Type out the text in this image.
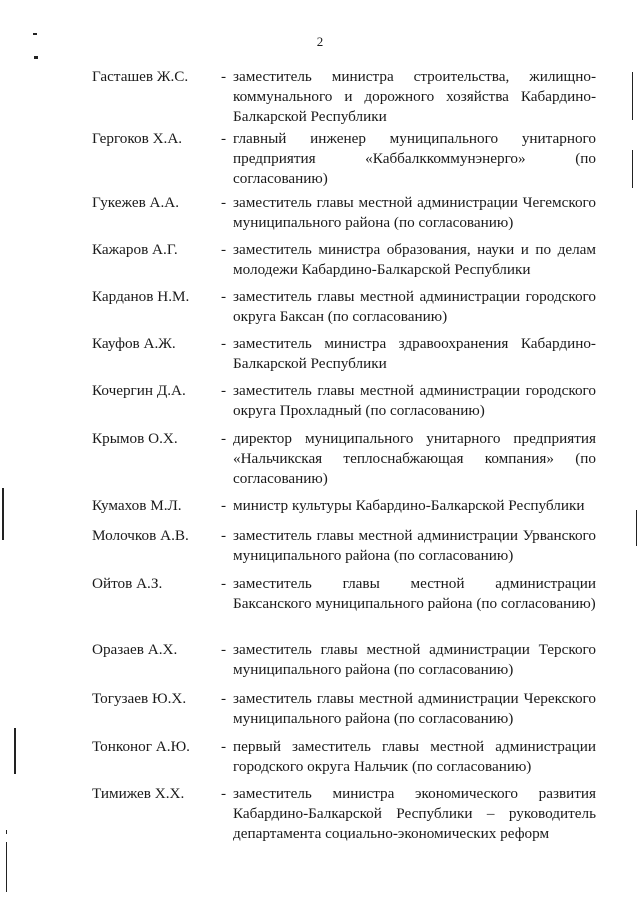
2
Гасташев Ж.С. - заместитель министра строительства, жилищно-коммунального и дорожного хозяйства Кабардино-Балкарской Республики
Гергоков Х.А.	- главный инженер муниципального унитарного предприятия «Каббалккоммунэнерго» (по согласованию)
Гукежев А.А.	- заместитель главы местной администрации Чегемского муниципального района (по согласованию)
Кажаров А.Г.	- заместитель министра образования, науки и по делам молодежи Кабардино-Балкарской Республики
Карданов Н.М. - заместитель главы местной администрации городского округа Баксан (по согласованию)
Кауфов А.Ж.	- заместитель министра здравоохранения Кабардино-Балкарской Республики
Кочергин Д.А. - заместитель главы местной администрации городского округа Прохладный (по согласованию)
Крымов О.Х.	- директор муниципального унитарного предприятия «Нальчикская теплоснабжающая компания» (по согласованию)
Кумахов М.Л.	- министр культуры Кабардино-Балкарской Республики
Молочков А.В. - заместитель главы местной администрации Урванского муниципального района (по согласованию)
Ойтов А.З.	- заместитель главы местной администрации Баксанского муниципального района (по согласованию)
Оразаев А.Х.	- заместитель главы местной администрации Терского муниципального района (по согласованию)
Тогузаев Ю.Х. - заместитель главы местной администрации Черекского муниципального района (по согласованию)
Тонконог А.Ю. - первый заместитель главы местной администрации городского округа Нальчик (по согласованию)
Тимижев Х.Х. - заместитель министра экономического развития Кабардино-Балкарской Республики – руководитель департамента социально-экономических реформ
